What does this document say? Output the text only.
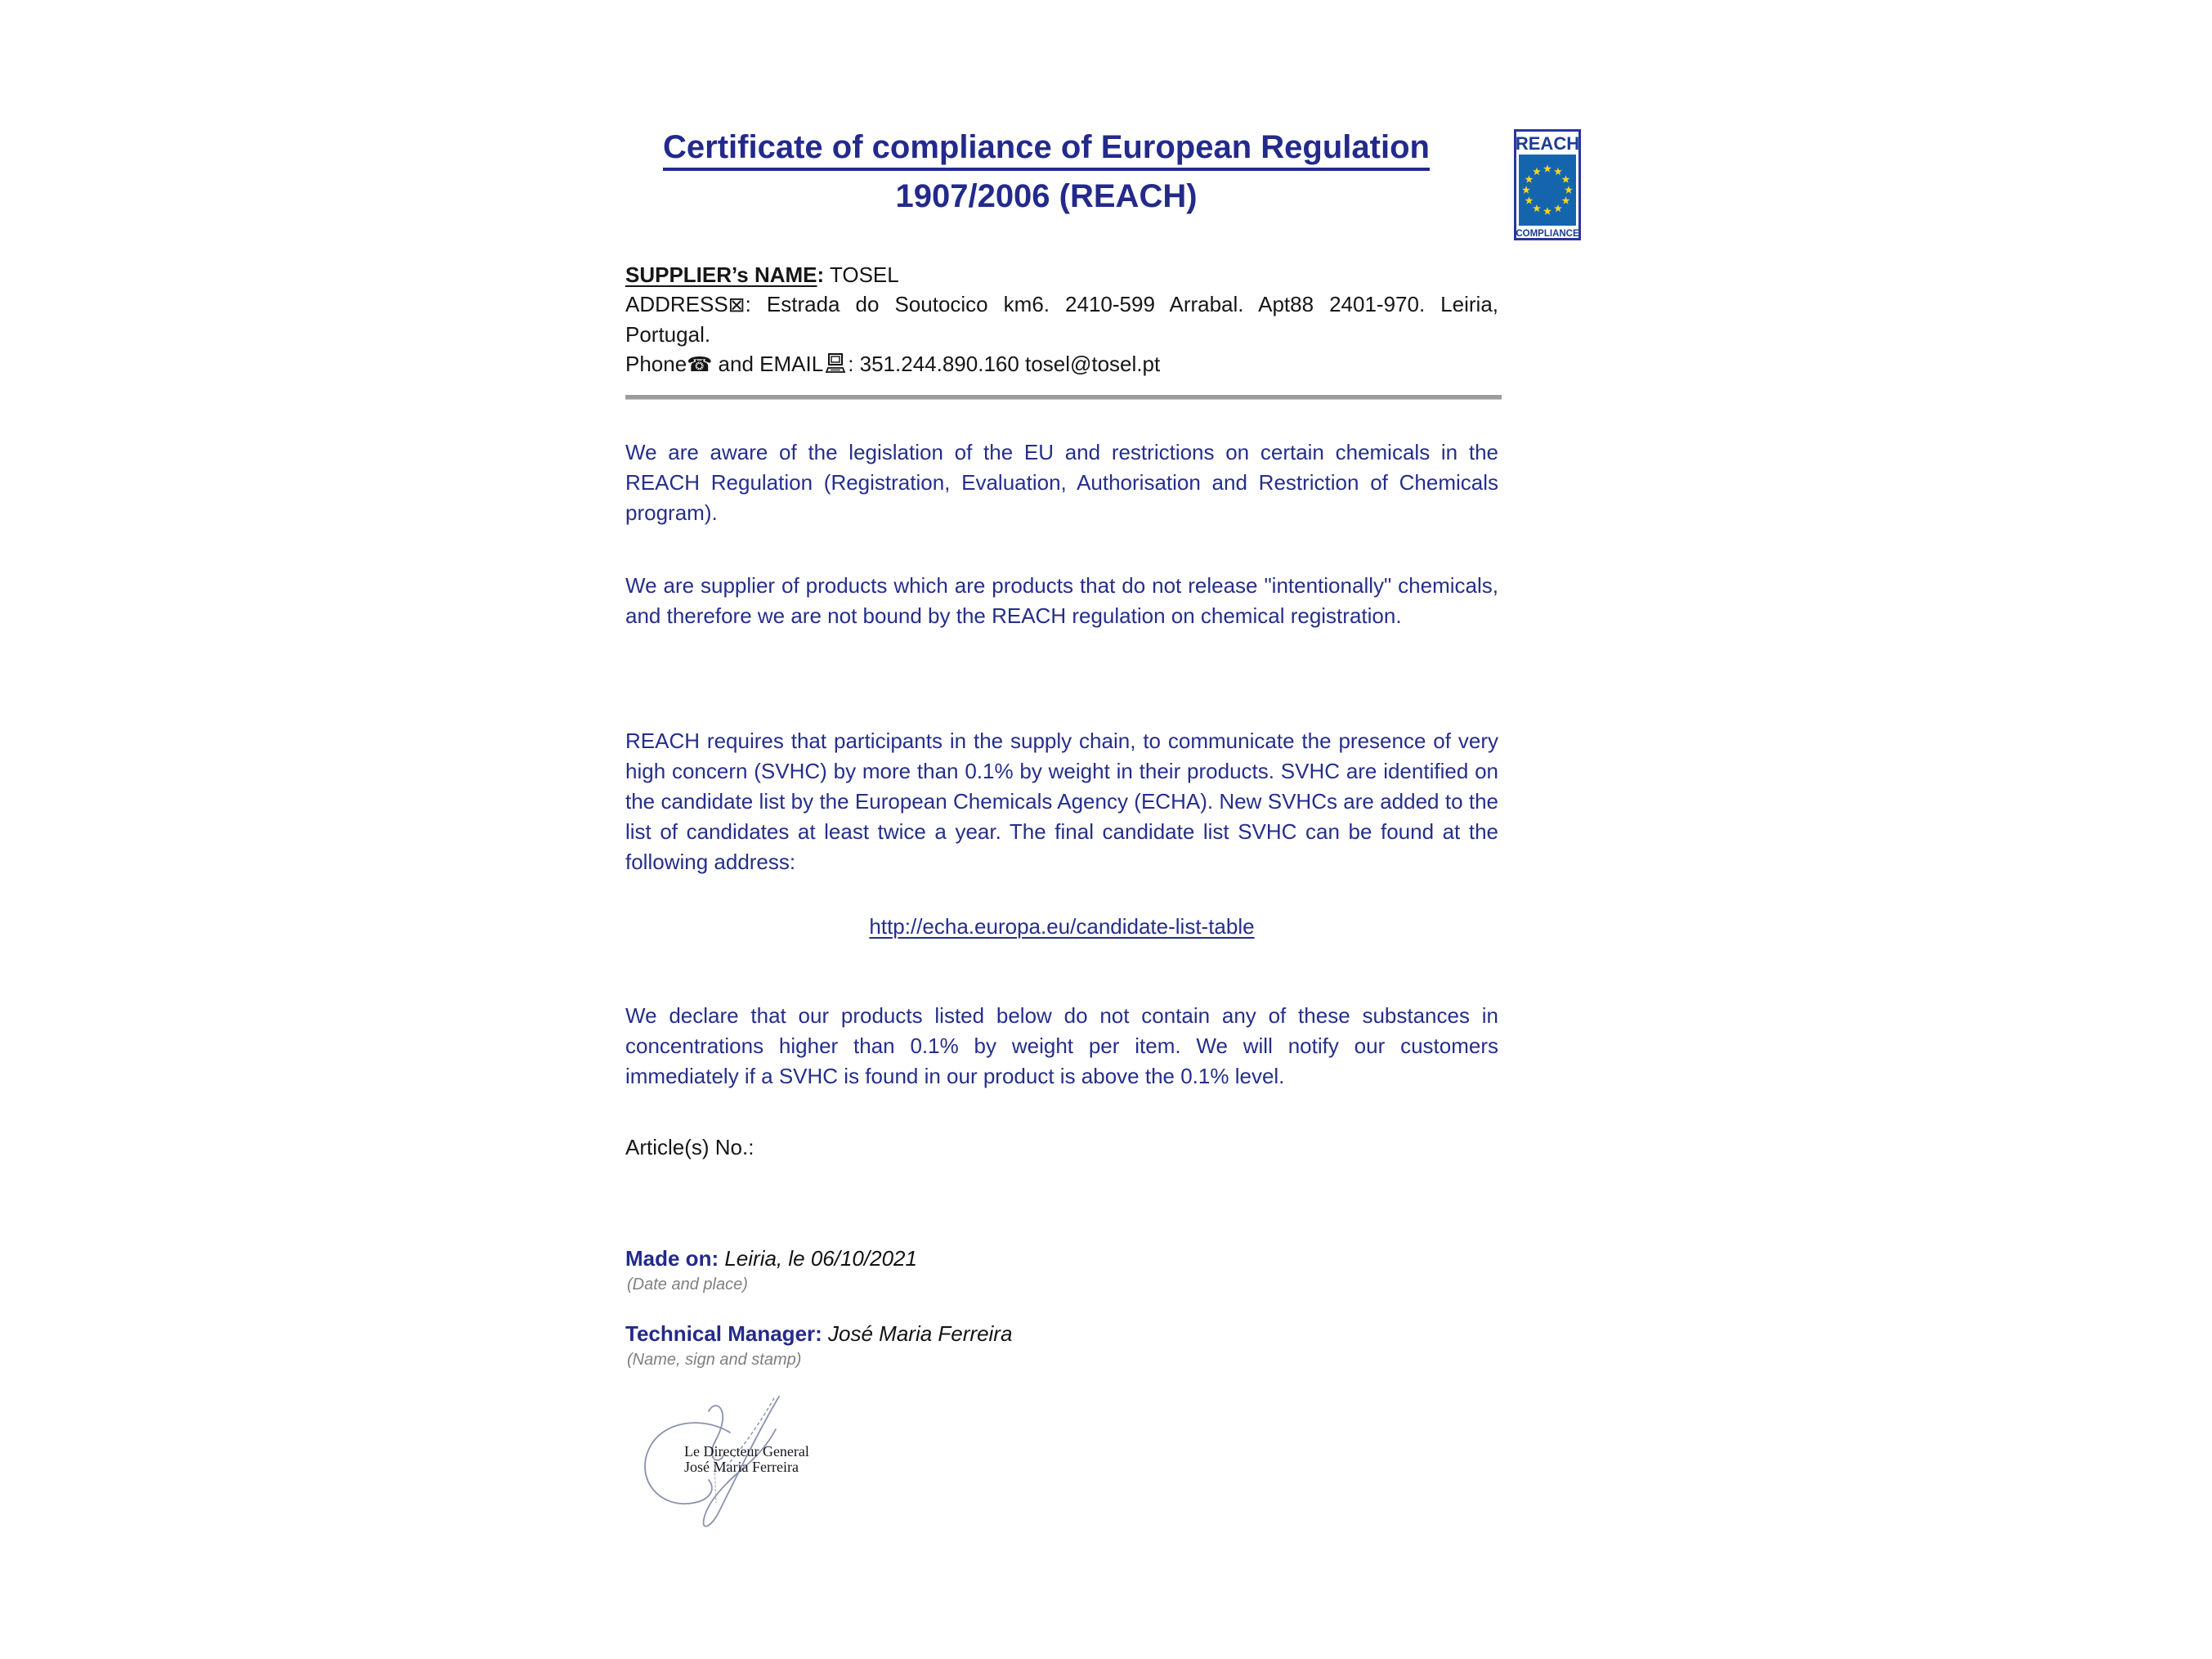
Certificate of compliance of European Regulation
1907/2006 (REACH)
REACH
COMPLIANCE

SUPPLIER’s NAME: TOSEL

ADDRESS⊠: Estrada do Soutocico km6. 2410-599 Arrabal. Apt88 2401-970. Leiria, Portugal.

Phone☎ and EMAIL : 351.244.890.160 tosel@tosel.pt

We are aware of the legislation of the EU and restrictions on certain chemicals in the REACH Regulation (Registration, Evaluation, Authorisation and Restriction of Chemicals program).

We are supplier of products which are products that do not release "intentionally" chemicals, and therefore we are not bound by the REACH regulation on chemical registration.

REACH requires that participants in the supply chain, to communicate the presence of very high concern (SVHC) by more than 0.1% by weight in their products. SVHC are identified on the candidate list by the European Chemicals Agency (ECHA). New SVHCs are added to the list of candidates at least twice a year. The final candidate list SVHC can be found at the following address:

http://echa.europa.eu/candidate-list-table

We declare that our products listed below do not contain any of these substances in concentrations higher than 0.1% by weight per item. We will notify our customers immediately if a SVHC is found in our product is above the 0.1% level.

Article(s) No.:

Made on: Leiria, le 06/10/2021

(Date and place)

Technical Manager: José Maria Ferreira

(Name, sign and stamp)

Le Directeur General
José Maria Ferreira
